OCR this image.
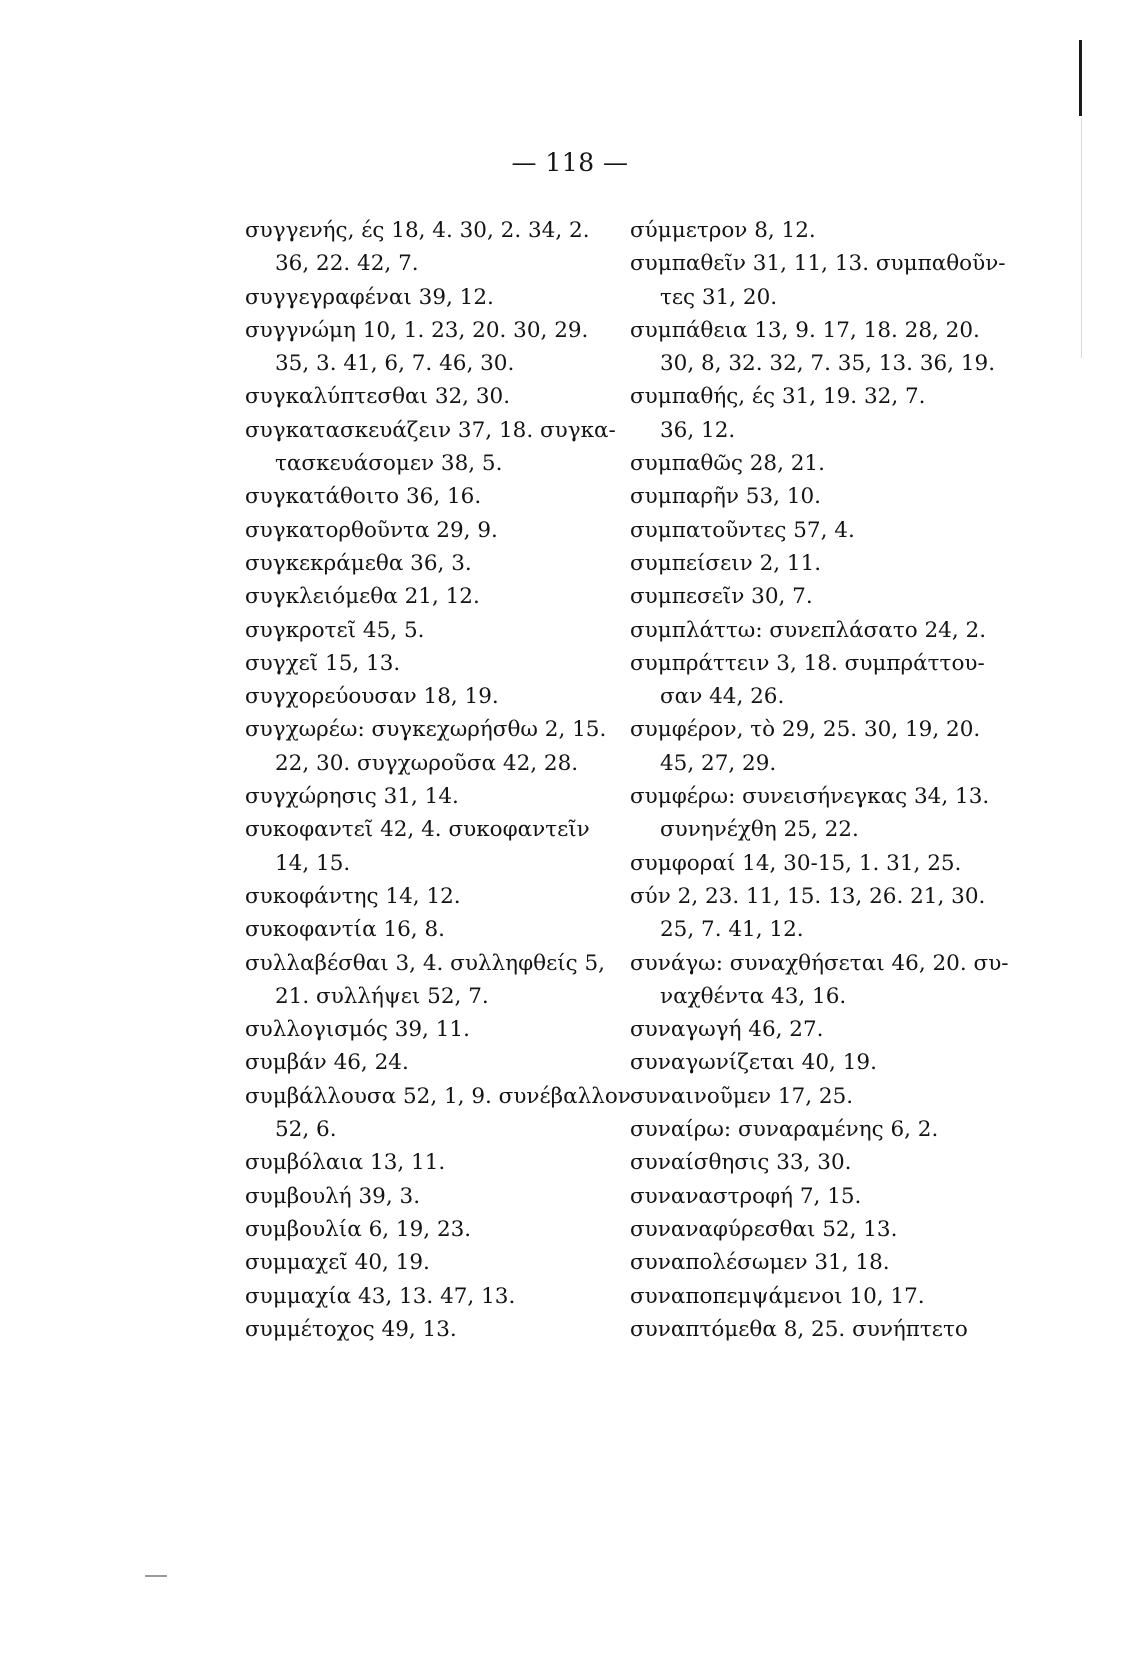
— 118 —
συγγενής, ές 18, 4. 30, 2. 34, 2.
36, 22. 42, 7.
συγγεγραφέναι 39, 12.
συγγνώμη 10, 1. 23, 20. 30, 29.
35, 3. 41, 6, 7. 46, 30.
συγκαλύπτεσθαι 32, 30.
συγκατασκευάζειν 37, 18. συγκα-
τασκευάσομεν 38, 5.
συγκατάθοιτο 36, 16.
συγκατορθοῦντα 29, 9.
συγκεκράμεθα 36, 3.
συγκλειόμεθα 21, 12.
συγκροτεῖ 45, 5.
συγχεῖ 15, 13.
συγχορεύουσαν 18, 19.
συγχωρέω: συγκεχωρήσθω 2, 15.
22, 30. συγχωροῦσα 42, 28.
συγχώρησις 31, 14.
συκοφαντεῖ 42, 4. συκοφαντεῖν
14, 15.
συκοφάντης 14, 12.
συκοφαντία 16, 8.
συλλαβέσθαι 3, 4. συλληφθείς 5,
21. συλλήψει 52, 7.
συλλογισμός 39, 11.
συμβάν 46, 24.
συμβάλλουσα 52, 1, 9. συνέβαλλον
52, 6.
συμβόλαια 13, 11.
συμβουλή 39, 3.
συμβουλία 6, 19, 23.
συμμαχεῖ 40, 19.
συμμαχία 43, 13. 47, 13.
συμμέτοχος 49, 13.
σύμμετρον 8, 12.
συμπαθεῖν 31, 11, 13. συμπαθοῦν-
τες 31, 20.
συμπάθεια 13, 9. 17, 18. 28, 20.
30, 8, 32. 32, 7. 35, 13. 36, 19.
συμπαθής, ές 31, 19. 32, 7.
36, 12.
συμπαθῶς 28, 21.
συμπαρῆν 53, 10.
συμπατοῦντες 57, 4.
συμπείσειν 2, 11.
συμπεσεῖν 30, 7.
συμπλάττω: συνεπλάσατο 24, 2.
συμπράττειν 3, 18. συμπράττου-
σαν 44, 26.
συμφέρον, τὸ 29, 25. 30, 19, 20.
45, 27, 29.
συμφέρω: συνεισήνεγκας 34, 13.
συνηνέχθη 25, 22.
συμφοραί 14, 30-15, 1. 31, 25.
σύν 2, 23. 11, 15. 13, 26. 21, 30.
25, 7. 41, 12.
συνάγω: συναχθήσεται 46, 20. συ-
ναχθέντα 43, 16.
συναγωγή 46, 27.
συναγωνίζεται 40, 19.
συναινοῦμεν 17, 25.
συναίρω: συναραμένης 6, 2.
συναίσθησις 33, 30.
συναναστροφή 7, 15.
συναναφύρεσθαι 52, 13.
συναπολέσωμεν 31, 18.
συναποπεμψάμενοι 10, 17.
συναπτόμεθα 8, 25. συνήπτετο
